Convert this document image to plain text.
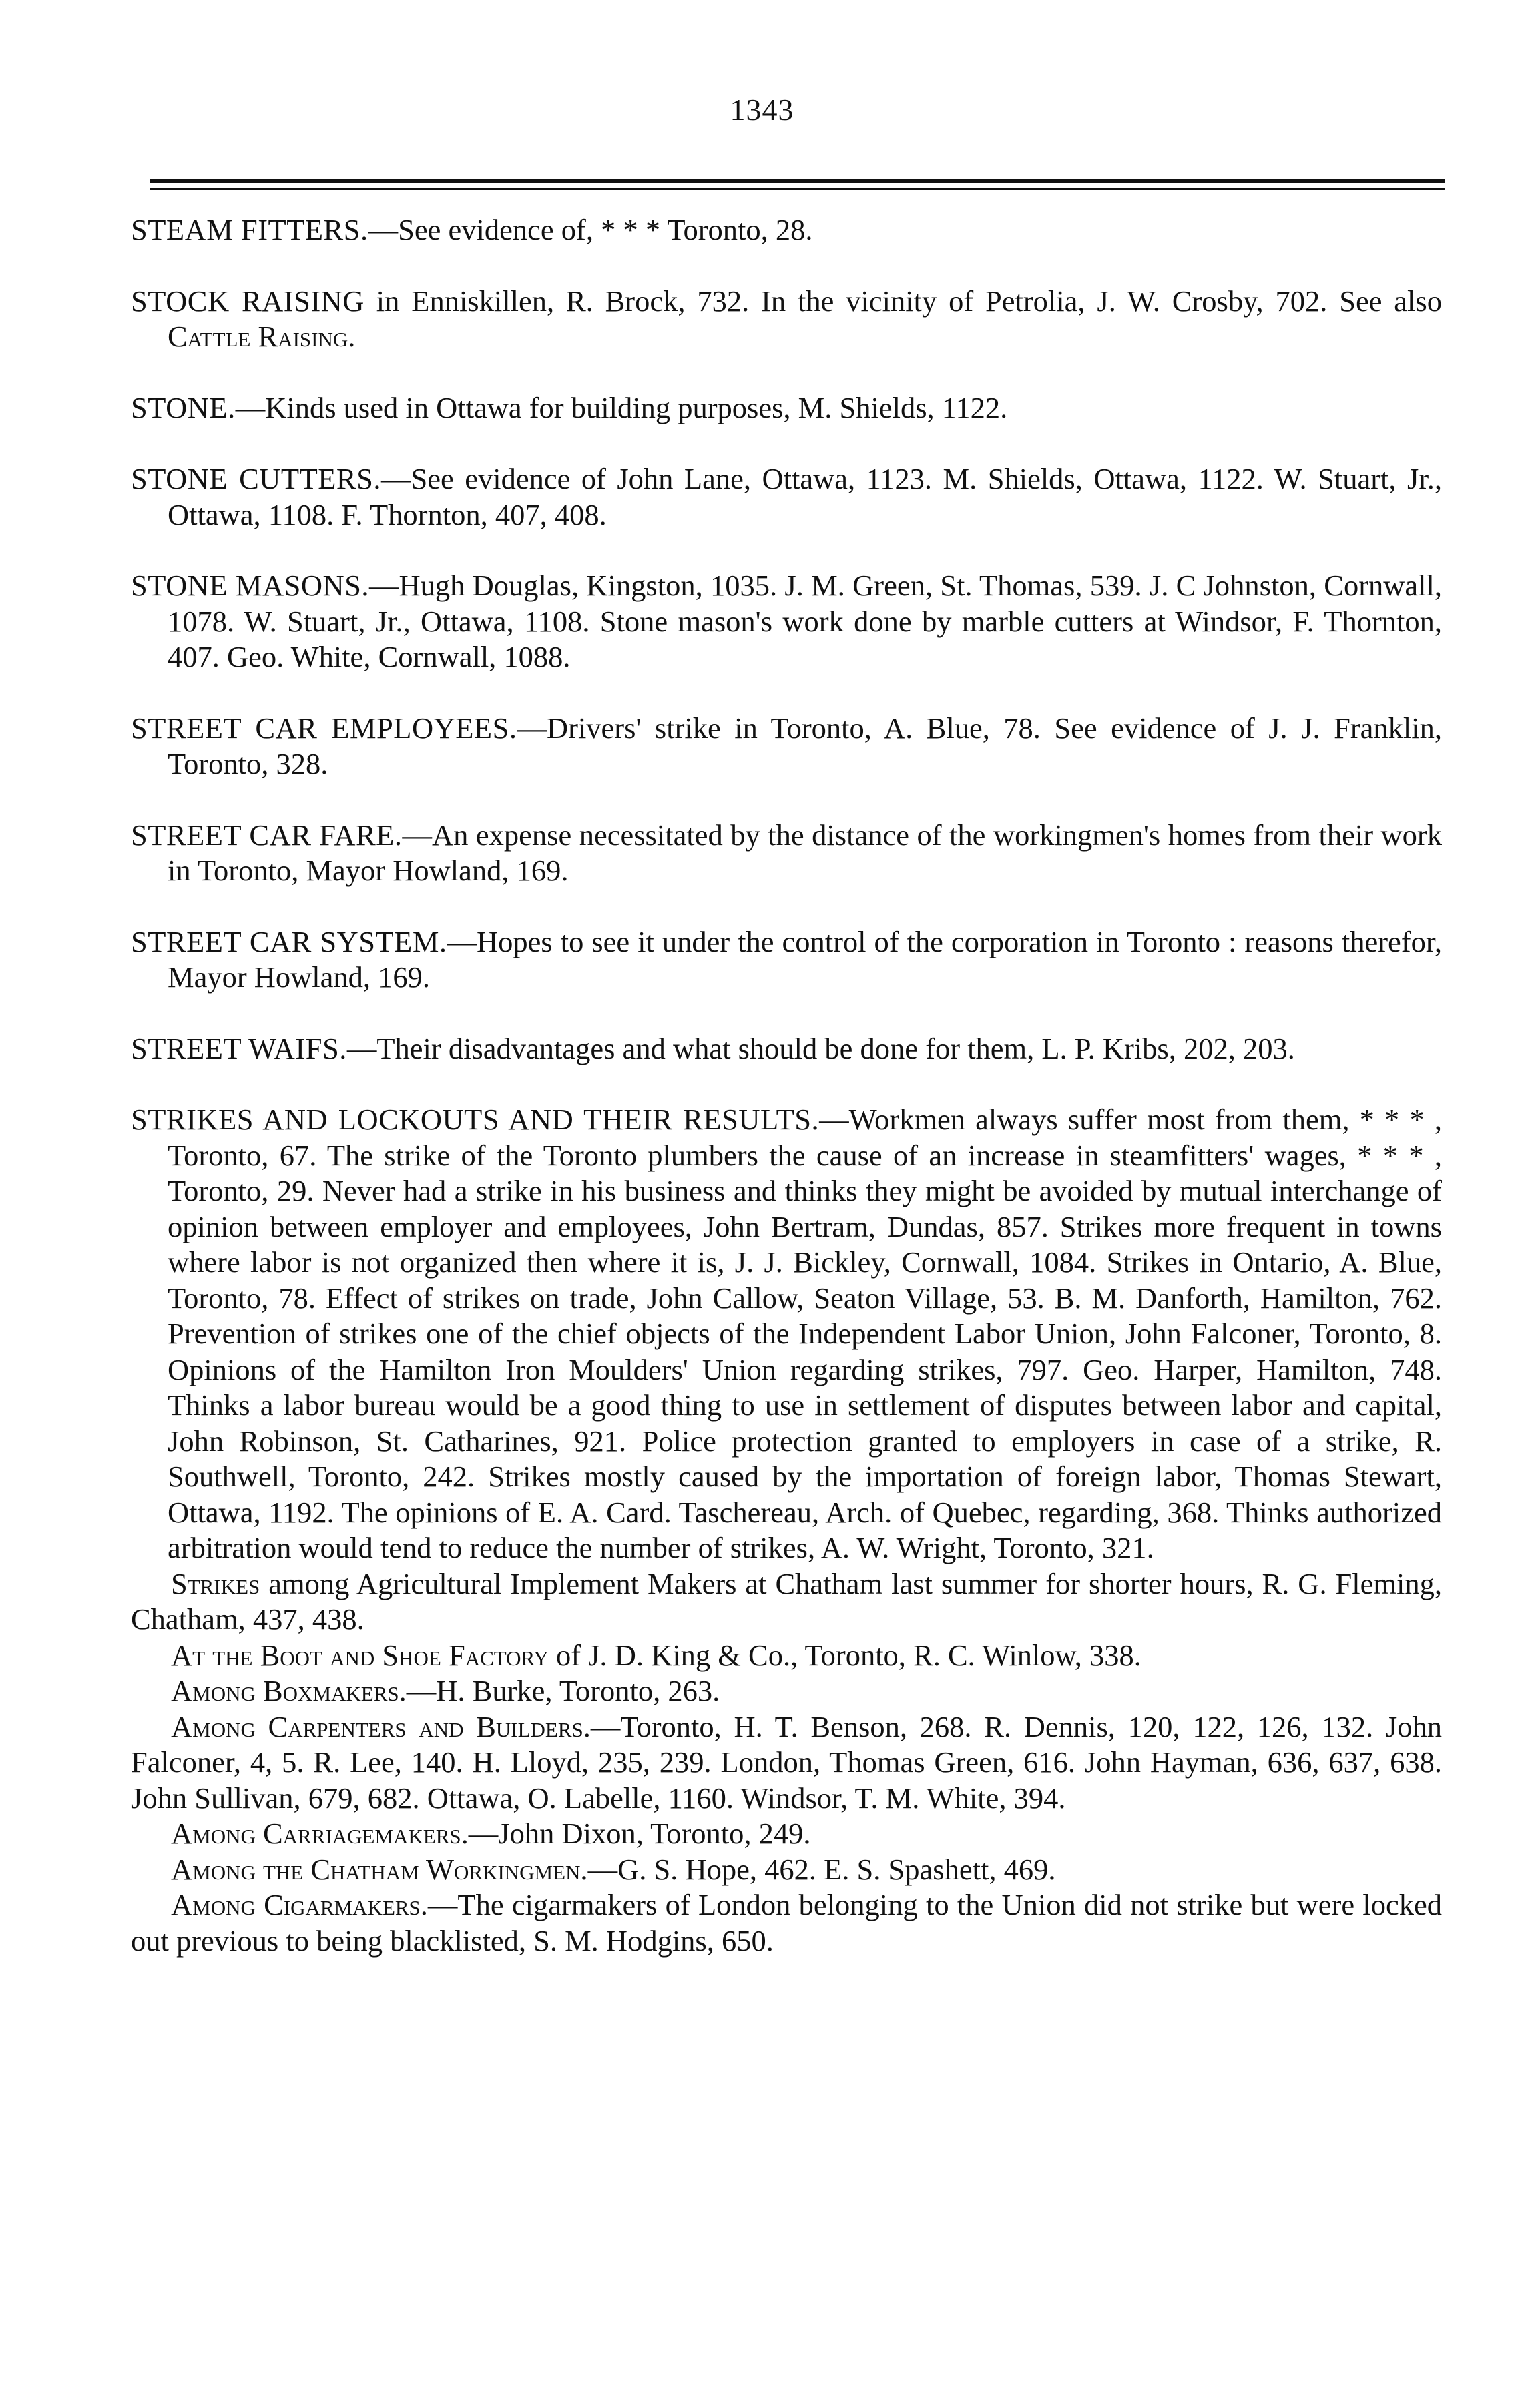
1343

STEAM FITTERS.—See evidence of, * * * Toronto, 28.

STOCK RAISING in Enniskillen, R. Brock, 732. In the vicinity of Petrolia, J. W. Crosby, 702. See also Cattle Raising.

STONE.—Kinds used in Ottawa for building purposes, M. Shields, 1122.

STONE CUTTERS.—See evidence of John Lane, Ottawa, 1123. M. Shields, Ottawa, 1122. W. Stuart, Jr., Ottawa, 1108. F. Thornton, 407, 408.

STONE MASONS.—Hugh Douglas, Kingston, 1035. J. M. Green, St. Thomas, 539. J. C Johnston, Cornwall, 1078. W. Stuart, Jr., Ottawa, 1108. Stone mason's work done by marble cutters at Windsor, F. Thornton, 407. Geo. White, Cornwall, 1088.

STREET CAR EMPLOYEES.—Drivers' strike in Toronto, A. Blue, 78. See evidence of J. J. Franklin, Toronto, 328.

STREET CAR FARE.—An expense necessitated by the distance of the workingmen's homes from their work in Toronto, Mayor Howland, 169.

STREET CAR SYSTEM.—Hopes to see it under the control of the corporation in Toronto : reasons therefor, Mayor Howland, 169.

STREET WAIFS.—Their disadvantages and what should be done for them, L. P. Kribs, 202, 203.

STRIKES AND LOCKOUTS AND THEIR RESULTS.—Workmen always suffer most from them, * * * , Toronto, 67. The strike of the Toronto plumbers the cause of an increase in steamfitters' wages, * * * , Toronto, 29. Never had a strike in his business and thinks they might be avoided by mutual interchange of opinion between employer and employees, John Bertram, Dundas, 857. Strikes more frequent in towns where labor is not organized then where it is, J. J. Bickley, Cornwall, 1084. Strikes in Ontario, A. Blue, Toronto, 78. Effect of strikes on trade, John Callow, Seaton Village, 53. B. M. Danforth, Hamilton, 762. Prevention of strikes one of the chief objects of the Independent Labor Union, John Falconer, Toronto, 8. Opinions of the Hamilton Iron Moulders' Union regarding strikes, 797. Geo. Harper, Hamilton, 748. Thinks a labor bureau would be a good thing to use in settlement of disputes between labor and capital, John Robinson, St. Catharines, 921. Police protection granted to employers in case of a strike, R. Southwell, Toronto, 242. Strikes mostly caused by the importation of foreign labor, Thomas Stewart, Ottawa, 1192. The opinions of E. A. Card. Taschereau, Arch. of Quebec, regarding, 368. Thinks authorized arbitration would tend to reduce the number of strikes, A. W. Wright, Toronto, 321.

Strikes among Agricultural Implement Makers at Chatham last summer for shorter hours, R. G. Fleming, Chatham, 437, 438.

At the Boot and Shoe Factory of J. D. King & Co., Toronto, R. C. Winlow, 338.

Among Boxmakers.—H. Burke, Toronto, 263.

Among Carpenters and Builders.—Toronto, H. T. Benson, 268. R. Dennis, 120, 122, 126, 132. John Falconer, 4, 5. R. Lee, 140. H. Lloyd, 235, 239. London, Thomas Green, 616. John Hayman, 636, 637, 638. John Sullivan, 679, 682. Ottawa, O. Labelle, 1160. Windsor, T. M. White, 394.

Among Carriagemakers.—John Dixon, Toronto, 249.

Among the Chatham Workingmen.—G. S. Hope, 462. E. S. Spashett, 469.

Among Cigarmakers.—The cigarmakers of London belonging to the Union did not strike but were locked out previous to being blacklisted, S. M. Hodgins, 650.
